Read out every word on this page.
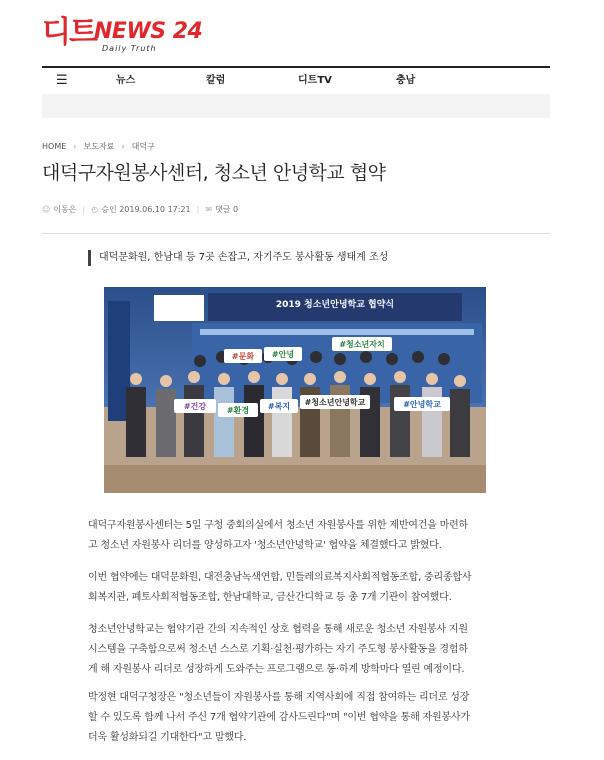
디트
NEWS 24
Daily Truth
☰	뉴스	칼럼	디트TV	충남
HOME › 보도자료 › 대덕구
대덕구자원봉사센터, 청소년 안녕학교 협약
☺ 이동은 | ◴ 승인 2019.06.10 17:21 | ✉ 댓글 0
대덕문화원, 한남대 등 7곳 손잡고, 자기주도 봉사활동 생태계 조성
2019 청소년안녕학교 협약식
#건강	#환경 #복지 #청소년안녕학교	#안녕학교
#청소년자치
#문화 #안녕
대덕구자원봉사센터는 5일 구청 중회의실에서 청소년 자원봉사를 위한 제반여건을 마련하
고 청소년 자원봉사 리더를 양성하고자 '청소년안녕학교' 협약을 체결했다고 밝혔다.
이번 협약에는 대덕문화원, 대전충남녹색연합, 민들레의료복지사회적협동조합, 중리종합사
회복지관, 폐토사회적협동조합, 한남대학교, 금산간디학교 등 총 7개 기관이 참여했다.
청소년안녕학교는 협약기관 간의 지속적인 상호 협력을 통해 새로운 청소년 자원봉사 지원
시스템을 구축함으로써 청소년 스스로 기획·실천·평가하는 자기 주도형 봉사활동을 경험하
게 해 자원봉사 리더로 성장하게 도와주는 프로그램으로 동·하계 방학마다 열린 예정이다.
박정현 대덕구청장은 "청소년들이 자원봉사를 통해 지역사회에 직접 참여하는 리더로 성장
할 수 있도록 함께 나서 주신 7개 협약기관에 감사드린다"며 "이번 협약을 통해 자원봉사가
더욱 활성화되길 기대한다"고 말했다.
